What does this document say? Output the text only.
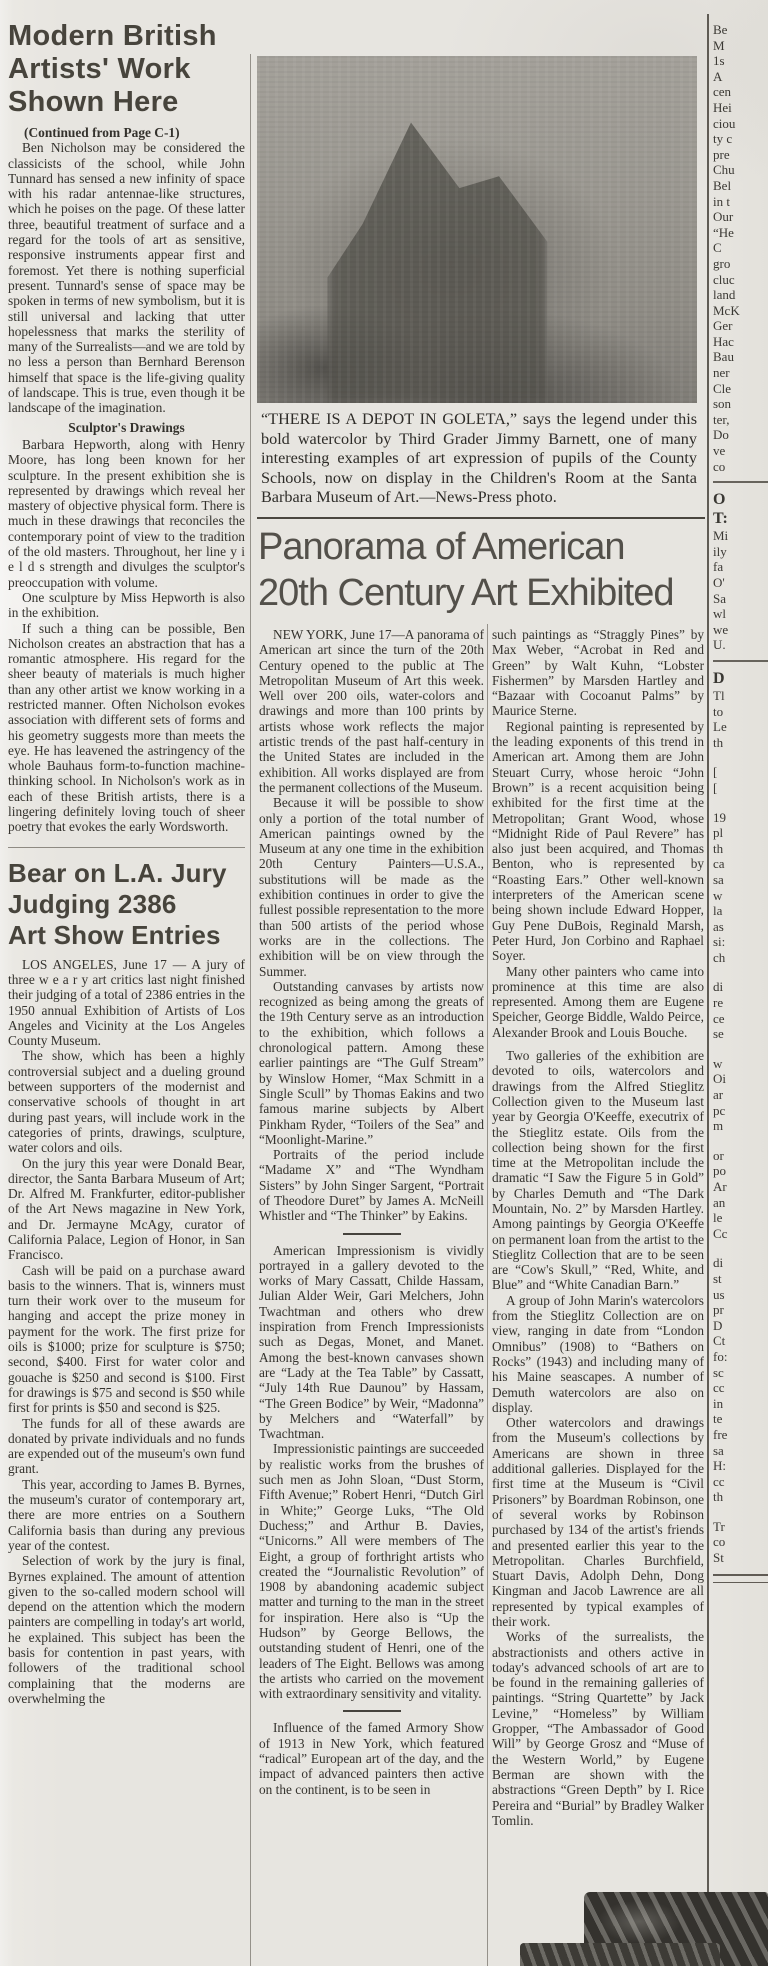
Modern British
Artists' Work
Shown Here

(Continued from Page C-1)

Ben Nicholson may be considered the classicists of the school, while John Tunnard has sensed a new infinity of space with his radar antennae-like structures, which he poises on the page. Of these latter three, beautiful treatment of surface and a regard for the tools of art as sensitive, responsive instruments appear first and foremost. Yet there is nothing superficial present. Tunnard's sense of space may be spoken in terms of new symbolism, but it is still universal and lacking that utter hopelessness that marks the sterility of many of the Surrealists—and we are told by no less a person than Bernhard Berenson himself that space is the life-giving quality of landscape. This is true, even though it be landscape of the imagination.

Sculptor's Drawings

Barbara Hepworth, along with Henry Moore, has long been known for her sculpture. In the present exhibition she is represented by drawings which reveal her mastery of objective physical form. There is much in these drawings that reconciles the contemporary point of view to the tradition of the old masters. Throughout, her line y i e l d s strength and divulges the sculptor's preoccupation with volume.

One sculpture by Miss Hepworth is also in the exhibition.

If such a thing can be possible, Ben Nicholson creates an abstraction that has a romantic atmosphere. His regard for the sheer beauty of materials is much higher than any other artist we know working in a restricted manner. Often Nicholson evokes association with different sets of forms and his geometry suggests more than meets the eye. He has leavened the astringency of the whole Bauhaus form-to-function machine-thinking school. In Nicholson's work as in each of these British artists, there is a lingering definitely loving touch of sheer poetry that evokes the early Wordsworth.

Bear on L.A. Jury
Judging 2386
Art Show Entries

LOS ANGELES, June 17 — A jury of three w e a r y art critics last night finished their judging of a total of 2386 entries in the 1950 annual Exhibition of Artists of Los Angeles and Vicinity at the Los Angeles County Museum.

The show, which has been a highly controversial subject and a dueling ground between supporters of the modernist and conservative schools of thought in art during past years, will include work in the categories of prints, drawings, sculpture, water colors and oils.

On the jury this year were Donald Bear, director, the Santa Barbara Museum of Art; Dr. Alfred M. Frankfurter, editor-publisher of the Art News magazine in New York, and Dr. Jermayne McAgy, curator of California Palace, Legion of Honor, in San Francisco.

Cash will be paid on a purchase award basis to the winners. That is, winners must turn their work over to the museum for hanging and accept the prize money in payment for the work. The first prize for oils is $1000; prize for sculpture is $750; second, $400. First for water color and gouache is $250 and second is $100. First for drawings is $75 and second is $50 while first for prints is $50 and second is $25.

The funds for all of these awards are donated by private individuals and no funds are expended out of the museum's own fund grant.

This year, according to James B. Byrnes, the museum's curator of contemporary art, there are more entries on a Southern California basis than during any previous year of the contest.

Selection of work by the jury is final, Byrnes explained. The amount of attention given to the so-called modern school will depend on the attention which the modern painters are compelling in today's art world, he explained. This subject has been the basis for contention in past years, with followers of the traditional school complaining that the moderns are overwhelming the

“THERE IS A DEPOT IN GOLETA,” says the legend under this bold watercolor by Third Grader Jimmy Barnett, one of many interesting examples of art expression of pupils of the County Schools, now on display in the Children's Room at the Santa Barbara Museum of Art.—News-Press photo.
Panorama of American
20th Century Art Exhibited

NEW YORK, June 17—A panorama of American art since the turn of the 20th Century opened to the public at The Metropolitan Museum of Art this week. Well over 200 oils, water-colors and drawings and more than 100 prints by artists whose work reflects the major artistic trends of the past half-century in the United States are included in the exhibition. All works displayed are from the permanent collections of the Museum.

Because it will be possible to show only a portion of the total number of American paintings owned by the Museum at any one time in the exhibition 20th Century Painters—U.S.A., substitutions will be made as the exhibition continues in order to give the fullest possible representation to the more than 500 artists of the period whose works are in the collections. The exhibition will be on view through the Summer.

Outstanding canvases by artists now recognized as being among the greats of the 19th Century serve as an introduction to the exhibition, which follows a chronological pattern. Among these earlier paintings are “The Gulf Stream” by Winslow Homer, “Max Schmitt in a Single Scull” by Thomas Eakins and two famous marine subjects by Albert Pinkham Ryder, “Toilers of the Sea” and “Moonlight-Marine.”

Portraits of the period include “Madame X” and “The Wyndham Sisters” by John Singer Sargent, “Portrait of Theodore Duret” by James A. McNeill Whistler and “The Thinker” by Eakins.

American Impressionism is vividly portrayed in a gallery devoted to the works of Mary Cassatt, Childe Hassam, Julian Alder Weir, Gari Melchers, John Twachtman and others who drew inspiration from French Impressionists such as Degas, Monet, and Manet. Among the best-known canvases shown are “Lady at the Tea Table” by Cassatt, “July 14th Rue Daunou” by Hassam, “The Green Bodice” by Weir, “Madonna” by Melchers and “Waterfall” by Twachtman.

Impressionistic paintings are succeeded by realistic works from the brushes of such men as John Sloan, “Dust Storm, Fifth Avenue;” Robert Henri, “Dutch Girl in White;” George Luks, “The Old Duchess;” and Arthur B. Davies, “Unicorns.” All were members of The Eight, a group of forthright artists who created the “Journalistic Revolution” of 1908 by abandoning academic subject matter and turning to the man in the street for inspiration. Here also is “Up the Hudson” by George Bellows, the outstanding student of Henri, one of the leaders of The Eight. Bellows was among the artists who carried on the movement with extraordinary sensitivity and vitality.

Influence of the famed Armory Show of 1913 in New York, which featured “radical” European art of the day, and the impact of advanced painters then active on the continent, is to be seen in

such paintings as “Straggly Pines” by Max Weber, “Acrobat in Red and Green” by Walt Kuhn, “Lobster Fishermen” by Marsden Hartley and “Bazaar with Cocoanut Palms” by Maurice Sterne.

Regional painting is represented by the leading exponents of this trend in American art. Among them are John Steuart Curry, whose heroic “John Brown” is a recent acquisition being exhibited for the first time at the Metropolitan; Grant Wood, whose “Midnight Ride of Paul Revere” has also just been acquired, and Thomas Benton, who is represented by “Roasting Ears.” Other well-known interpreters of the American scene being shown include Edward Hopper, Guy Pene DuBois, Reginald Marsh, Peter Hurd, Jon Corbino and Raphael Soyer.

Many other painters who came into prominence at this time are also represented. Among them are Eugene Speicher, George Biddle, Waldo Peirce, Alexander Brook and Louis Bouche.

Two galleries of the exhibition are devoted to oils, watercolors and drawings from the Alfred Stieglitz Collection given to the Museum last year by Georgia O'Keeffe, executrix of the Stieglitz estate. Oils from the collection being shown for the first time at the Metropolitan include the dramatic “I Saw the Figure 5 in Gold” by Charles Demuth and “The Dark Mountain, No. 2” by Marsden Hartley. Among paintings by Georgia O'Keeffe on permanent loan from the artist to the Stieglitz Collection that are to be seen are “Cow's Skull,” “Red, White, and Blue” and “White Canadian Barn.”

A group of John Marin's watercolors from the Stieglitz Collection are on view, ranging in date from “London Omnibus” (1908) to “Bathers on Rocks” (1943) and including many of his Maine seascapes. A number of Demuth watercolors are also on display.

Other watercolors and drawings from the Museum's collections by Americans are shown in three additional galleries. Displayed for the first time at the Museum is “Civil Prisoners” by Boardman Robinson, one of several works by Robinson purchased by 134 of the artist's friends and presented earlier this year to the Metropolitan. Charles Burchfield, Stuart Davis, Adolph Dehn, Dong Kingman and Jacob Lawrence are all represented by typical examples of their work.

Works of the surrealists, the abstractionists and others active in today's advanced schools of art are to be found in the remaining galleries of paintings. “String Quartette” by Jack Levine,” “Homeless” by William Gropper, “The Ambassador of Good Will” by George Grosz and “Muse of the Western World,” by Eugene Berman are shown with the abstractions “Green Depth” by I. Rice Pereira and “Burial” by Bradley Walker Tomlin.

Be
M
1s
A
cen
Hei
ciou
ty c
pre
Chu
Bel
in t
Our
“He
C
gro
cluc
land
McK
Ger
Hac
Bau
ner
Cle
son
ter,
Do
ve
co
O
T:
Mi
ily
fa
O'
Sa
wl
we
U.
D
Tl
to
Le
th
[
[
19
pl
th
ca
sa
w
la
as
si:
ch
di
re
ce
se
w
Oi
ar
pc
m
or
po
Ar
an
le
Cc
di
st
us
pr
D
Ct
fo:
sc
cc
in
te
fre
sa
H:
cc
th
Tr
co
St
